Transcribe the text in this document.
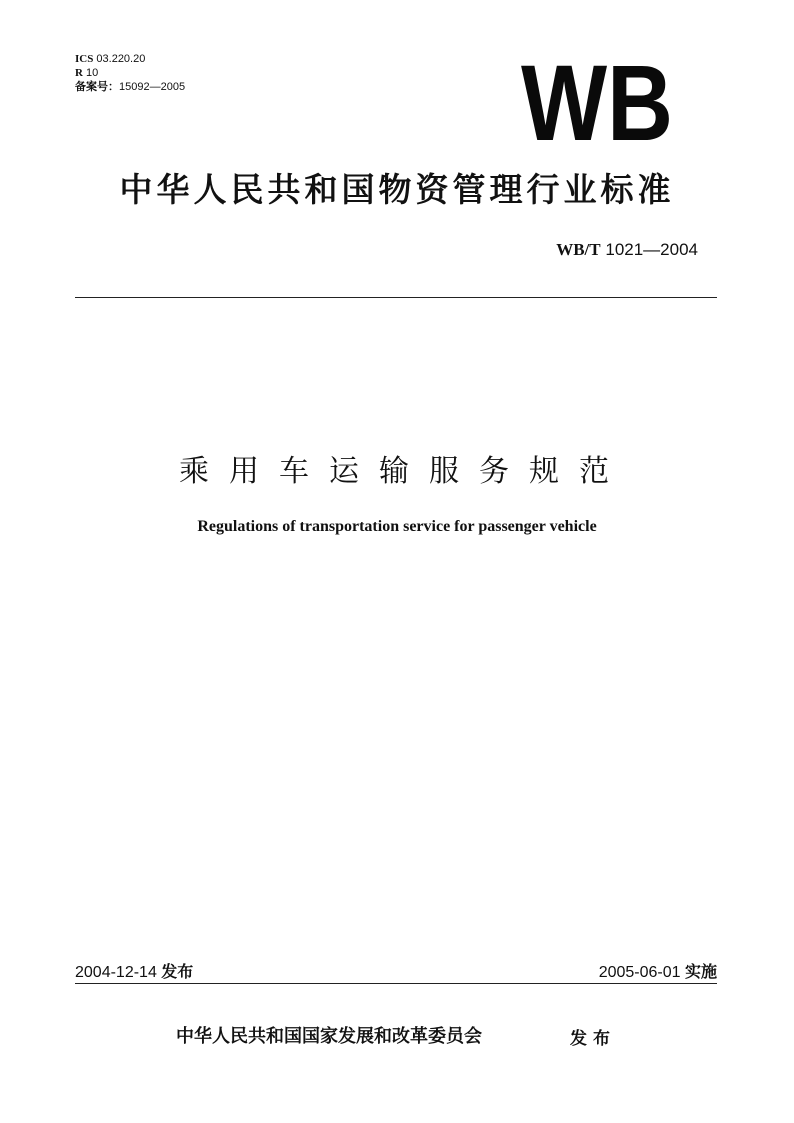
ICS 03.220.20
R 10
备案号：15092—2005	WB
中华人民共和国物资管理行业标准
WB/T 1021—2004
乘用车运输服务规范
Regulations of transportation service for passenger vehicle
2004-12-14 发布	2005-06-01 实施
中华人民共和国国家发展和改革委员会	发布
